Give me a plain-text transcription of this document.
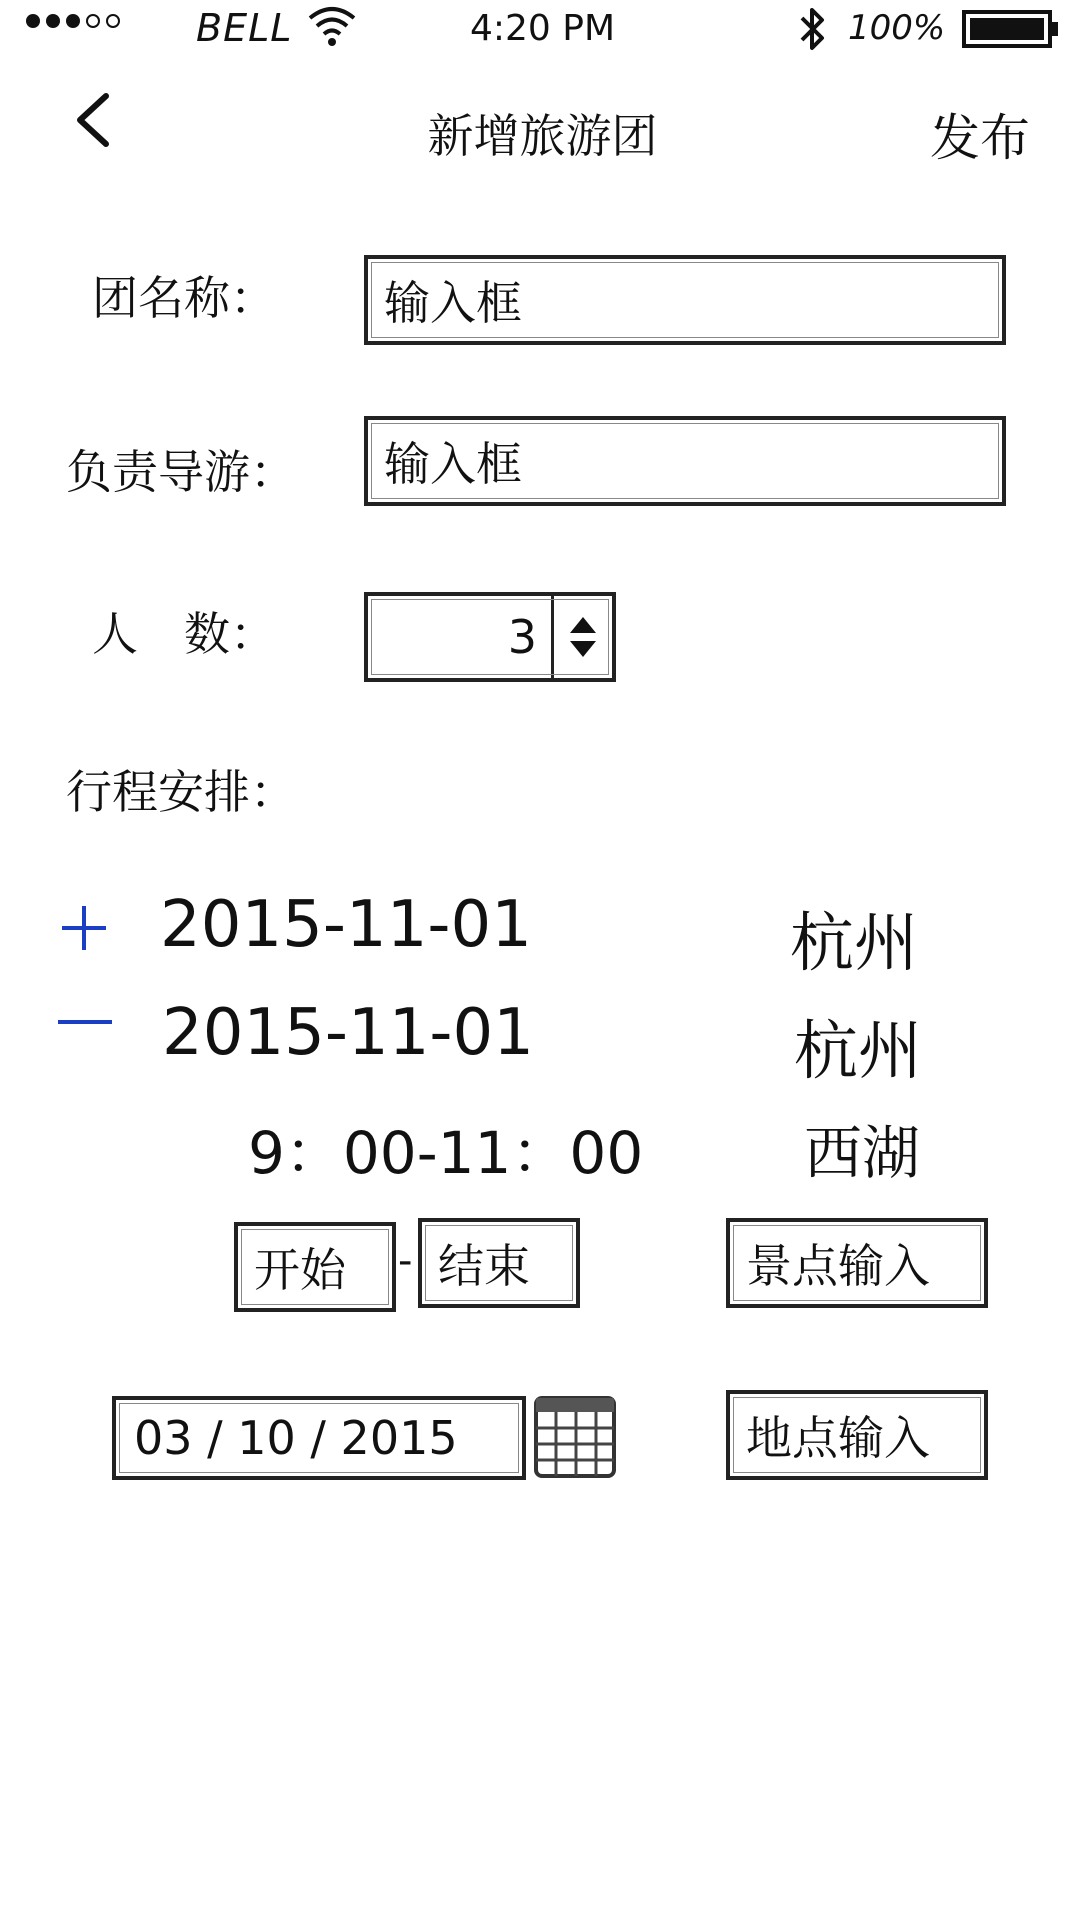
BELL	4:20 PM	100%
新增旅游团	发布
团名称：	输入框
负责导游：	输入框
人　数：	3
行程安排：
2015-11-01	杭州
2015-11-01	杭州
9：00-11：00	西湖
开始	- 结束	景点输入
03 / 10 / 2015	地点输入
